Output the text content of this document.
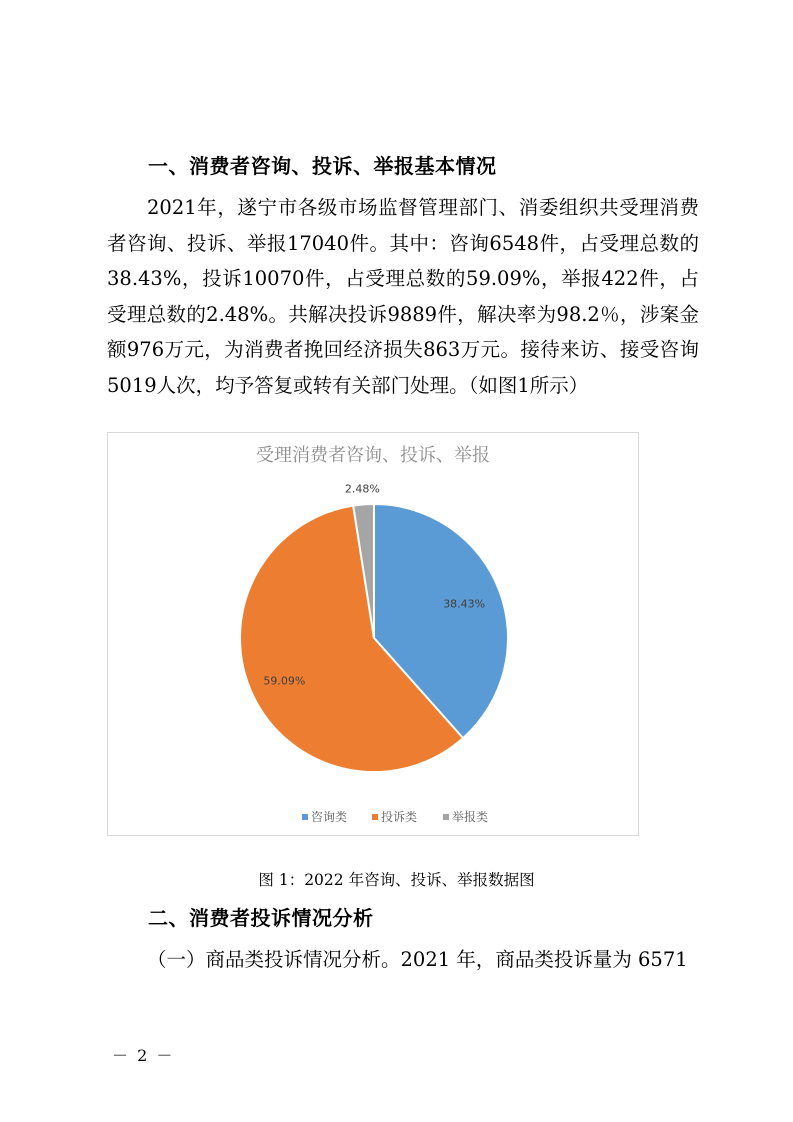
一、消费者咨询、投诉、举报基本情况
2021年，遂宁市各级市场监督管理部门、消委组织共受理消费者咨询、投诉、举报17040件。其中：咨询6548件，占受理总数的38.43%，投诉10070件，占受理总数的59.09%，举报422件，占受理总数的2.48%。共解决投诉9889件，解决率为98.2％，涉案金额976万元，为消费者挽回经济损失863万元。接待来访、接受咨询5019人次，均予答复或转有关部门处理。（如图1所示）
受理消费者咨询、投诉、举报
38.43%
59.09%
2.48%
咨询类	投诉类	举报类
图 1：2022 年咨询、投诉、举报数据图
二、消费者投诉情况分析
（一）商品类投诉情况分析。2021 年，商品类投诉量为 6571
－ 2 －
